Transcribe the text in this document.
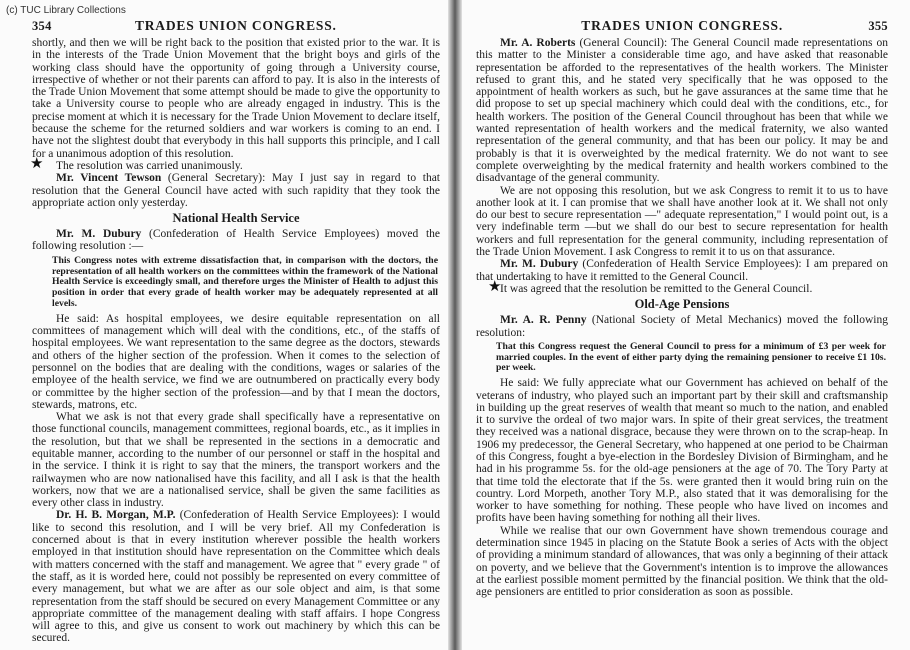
(c) TUC Library Collections
354	TRADES UNION CONGRESS.

shortly, and then we will be right back to the position that existed prior to the war. It is in the interests of the Trade Union Movement that the bright boys and girls of the working class should have the opportunity of going through a University course, irrespective of whether or not their parents can afford to pay. It is also in the interests of the Trade Union Movement that some attempt should be made to give the opportunity to take a University course to people who are already engaged in industry. This is the precise moment at which it is necessary for the Trade Union Movement to declare itself, because the scheme for the returned soldiers and war workers is coming to an end. I have not the slightest doubt that everybody in this hall supports this principle, and I call for a unanimous adoption of this resolution.

★ The resolution was carried unanimously.

Mr. Vincent Tewson (General Secretary): May I just say in regard to that resolution that the General Council have acted with such rapidity that they took the appropriate action only yesterday.

National Health Service

Mr. M. Dubury (Confederation of Health Service Employees) moved the following resolution :—

This Congress notes with extreme dissatisfaction that, in comparison with the doctors, the representation of all health workers on the committees within the framework of the National Health Service is exceedingly small, and therefore urges the Minister of Health to adjust this position in order that every grade of health worker may be adequately represented at all levels.

He said: As hospital employees, we desire equitable representation on all committees of management which will deal with the conditions, etc., of the staffs of hospital employees. We want representation to the same degree as the doctors, stewards and others of the higher section of the profession. When it comes to the selection of personnel on the bodies that are dealing with the conditions, wages or salaries of the employee of the health service, we find we are outnumbered on practically every body or committee by the higher section of the profession—and by that I mean the doctors, stewards, matrons, etc.

What we ask is not that every grade shall specifically have a representative on those functional councils, management committees, regional boards, etc., as it implies in the resolution, but that we shall be represented in the sections in a democratic and equitable manner, according to the number of our personnel or staff in the hospital and in the service. I think it is right to say that the miners, the transport workers and the railwaymen who are now nationalised have this facility, and all I ask is that the health workers, now that we are a nationalised service, shall be given the same facilities as every other class in industry.

Dr. H. B. Morgan, M.P. (Confederation of Health Service Employees): I would like to second this resolution, and I will be very brief. All my Confederation is concerned about is that in every institution wherever possible the health workers employed in that institution should have representation on the Committee which deals with matters concerned with the staff and management. We agree that " every grade " of the staff, as it is worded here, could not possibly be represented on every committee of every management, but what we are after as our sole object and aim, is that some representation from the staff should be secured on every Management Committee or any appropriate committee of the management dealing with staff affairs. I hope Congress will agree to this, and give us consent to work out machinery by which this can be secured.

TRADES UNION CONGRESS.	355

Mr. A. Roberts (General Council): The General Council made representations on this matter to the Minister a considerable time ago, and have asked that reasonable representation be afforded to the representatives of the health workers. The Minister refused to grant this, and he stated very specifically that he was opposed to the appointment of health workers as such, but he gave assurances at the same time that he did propose to set up special machinery which could deal with the conditions, etc., for health workers. The position of the General Council throughout has been that while we wanted representation of health workers and the medical fraternity, we also wanted representation of the general community, and that has been our policy. It may be and probably is that it is overweighted by the medical fraternity. We do not want to see complete overweighting by the medical fraternity and health workers combined to the disadvantage of the general community.

We are not opposing this resolution, but we ask Congress to remit it to us to have another look at it. I can promise that we shall have another look at it. We shall not only do our best to secure representation —" adequate representation," I would point out, is a very indefinable term —but we shall do our best to secure representation for health workers and full representation for the general community, including representation of the Trade Union Movement. I ask Congress to remit it to us on that assurance.

Mr. M. Dubury (Confederation of Health Service Employees): I am prepared on that undertaking to have it remitted to the General Council.

★
It was agreed that the resolution be remitted to the General Council.

Old-Age Pensions

Mr. A. R. Penny (National Society of Metal Mechanics) moved the following resolution:

That this Congress request the General Council to press for a minimum of £3 per week for married couples. In the event of either party dying the remaining pensioner to receive £1 10s. per week.

He said: We fully appreciate what our Government has achieved on behalf of the veterans of industry, who played such an important part by their skill and craftsmanship in building up the great reserves of wealth that meant so much to the nation, and enabled it to survive the ordeal of two major wars. In spite of their great services, the treatment they received was a national disgrace, because they were thrown on to the scrap-heap. In 1906 my predecessor, the General Secretary, who happened at one period to be Chairman of this Congress, fought a bye-election in the Bordesley Division of Birmingham, and he had in his programme 5s. for the old-age pensioners at the age of 70. The Tory Party at that time told the electorate that if the 5s. were granted then it would bring ruin on the country. Lord Morpeth, another Tory M.P., also stated that it was demoralising for the worker to have something for nothing. These people who have lived on incomes and profits have been having something for nothing all their lives.

While we realise that our own Government have shown tremendous courage and determination since 1945 in placing on the Statute Book a series of Acts with the object of providing a minimum standard of allowances, that was only a beginning of their attack on poverty, and we believe that the Government's intention is to improve the allowances at the earliest possible moment permitted by the financial position. We think that the old-age pensioners are entitled to prior consideration as soon as possible.
